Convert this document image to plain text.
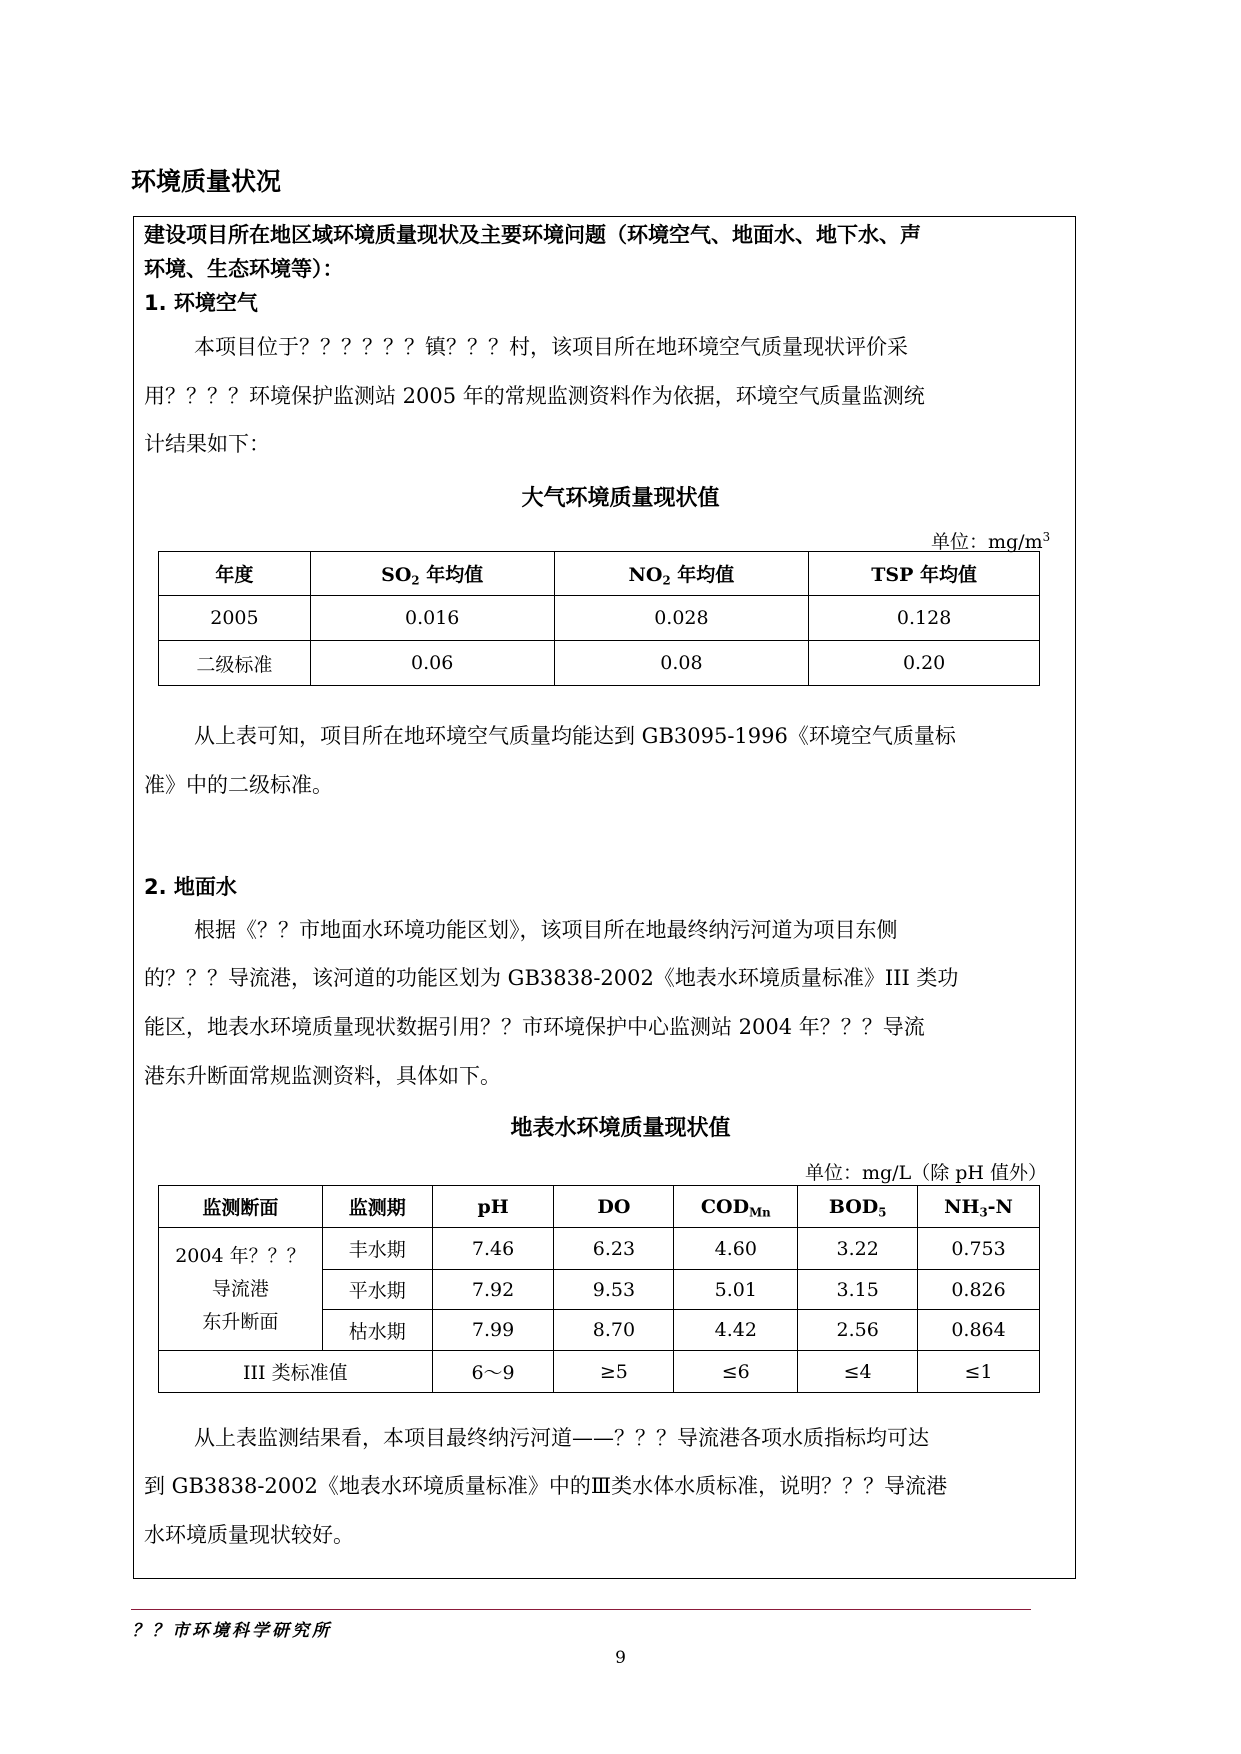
环境质量状况
建设项目所在地区域环境质量现状及主要环境问题（环境空气、地面水、地下水、声
环境、生态环境等）：
1. 环境空气
本项目位于？？？？？？镇？？？村，该项目所在地环境空气质量现状评价采
用？？？？环境保护监测站 2005 年的常规监测资料作为依据，环境空气质量监测统
计结果如下：
大气环境质量现状值
单位：$mg/m^3$
年度	$SO_2$ 年均值	$NO_2$ 年均值	TSP 年均值
2005	0.016	0.028	0.128
二级标准	0.06	0.08	0.20
从上表可知，项目所在地环境空气质量均能达到 GB3095-1996《环境空气质量标
准》中的二级标准。
2. 地面水
根据《？？市地面水环境功能区划》，该项目所在地最终纳污河道为项目东侧
的？？？导流港，该河道的功能区划为 GB3838-2002《地表水环境质量标准》III 类功
能区，地表水环境质量现状数据引用？？市环境保护中心监测站 2004 年？？？导流
港东升断面常规监测资料，具体如下。
地表水环境质量现状值
单位：mg/L（除 pH 值外）
监测断面	监测期	pH	DO	$COD_{Mn}$	$BOD_5$	$NH_3-N$

2004 年？？？
导流港
东升断面	丰水期	7.46	6.23	4.60	3.22	0.753
	平水期	7.92	9.53	5.01	3.15	0.826
	枯水期	7.99	8.70	4.42	2.56	0.864
III 类标准值		6～9	≥5	≤6	≤4	≤1
从上表监测结果看，本项目最终纳污河道——？？？导流港各项水质指标均可达
到 GB3838-2002《地表水环境质量标准》中的Ⅲ类水体水质标准，说明？？？导流港
水环境质量现状较好。
？？市环境科学研究所
9
